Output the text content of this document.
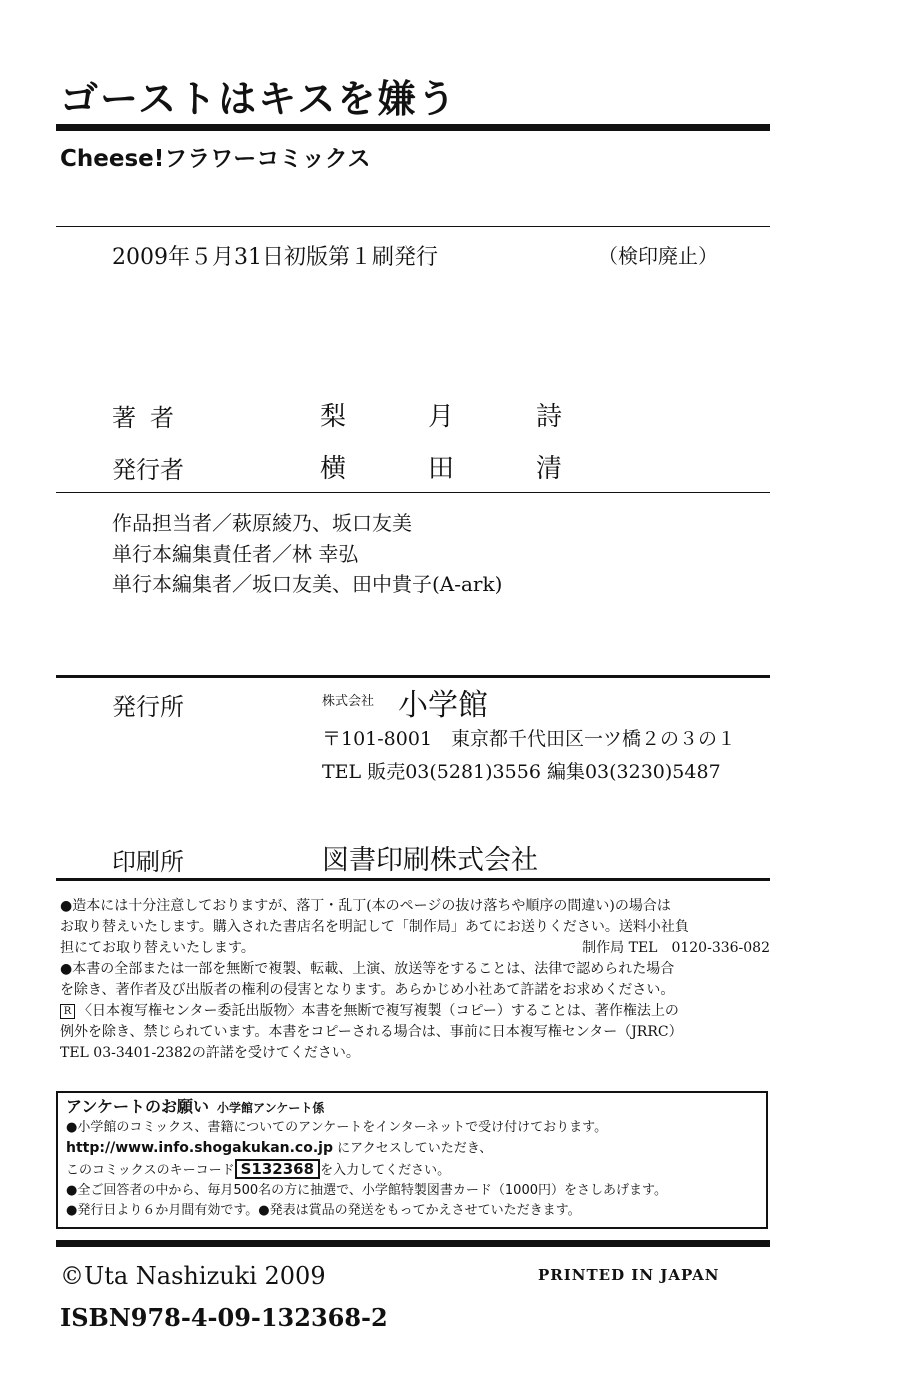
ゴーストはキスを嫌う
Cheese!フラワーコミックス
2009年５月31日初版第１刷発行	（検印廃止）
著者	梨	月	詩
発行者	横	田	清
作品担当者／萩原綾乃、坂口友美
単行本編集責任者／林 幸弘
単行本編集者／坂口友美、田中貴子(A-ark)
発行所	株式会社 小学館
〒101-8001　東京都千代田区一ツ橋２の３の１
TEL 販売03(5281)3556 編集03(3230)5487
印刷所	図書印刷株式会社

●造本には十分注意しておりますが、落丁・乱丁(本のページの抜け落ちや順序の間違い)の場合は

お取り替えいたします。購入された書店名を明記して「制作局」あてにお送りください。送料小社負

担にてお取り替えいたします。	制作局 TEL　0120-336-082

●本書の全部または一部を無断で複製、転載、上演、放送等をすることは、法律で認められた場合

を除き、著作者及び出版者の権利の侵害となります。あらかじめ小社あて許諾をお求めください。

R 〈日本複写権センター委託出版物〉本書を無断で複写複製（コピー）することは、著作権法上の

例外を除き、禁じられています。本書をコピーされる場合は、事前に日本複写権センター（JRRC）

TEL 03-3401-2382の許諾を受けてください。

アンケートのお願い 小学館アンケート係

●小学館のコミックス、書籍についてのアンケートをインターネットで受け付けております。

http://www.info.shogakukan.co.jp にアクセスしていただき、

このコミックスのキーコード S132368 を入力してください。

●全ご回答者の中から、毎月500名の方に抽選で、小学館特製図書カード（1000円）をさしあげます。

●発行日より６か月間有効です。●発表は賞品の発送をもってかえさせていただきます。

©Uta Nashizuki 2009	PRINTED IN JAPAN
ISBN978-4-09-132368-2
